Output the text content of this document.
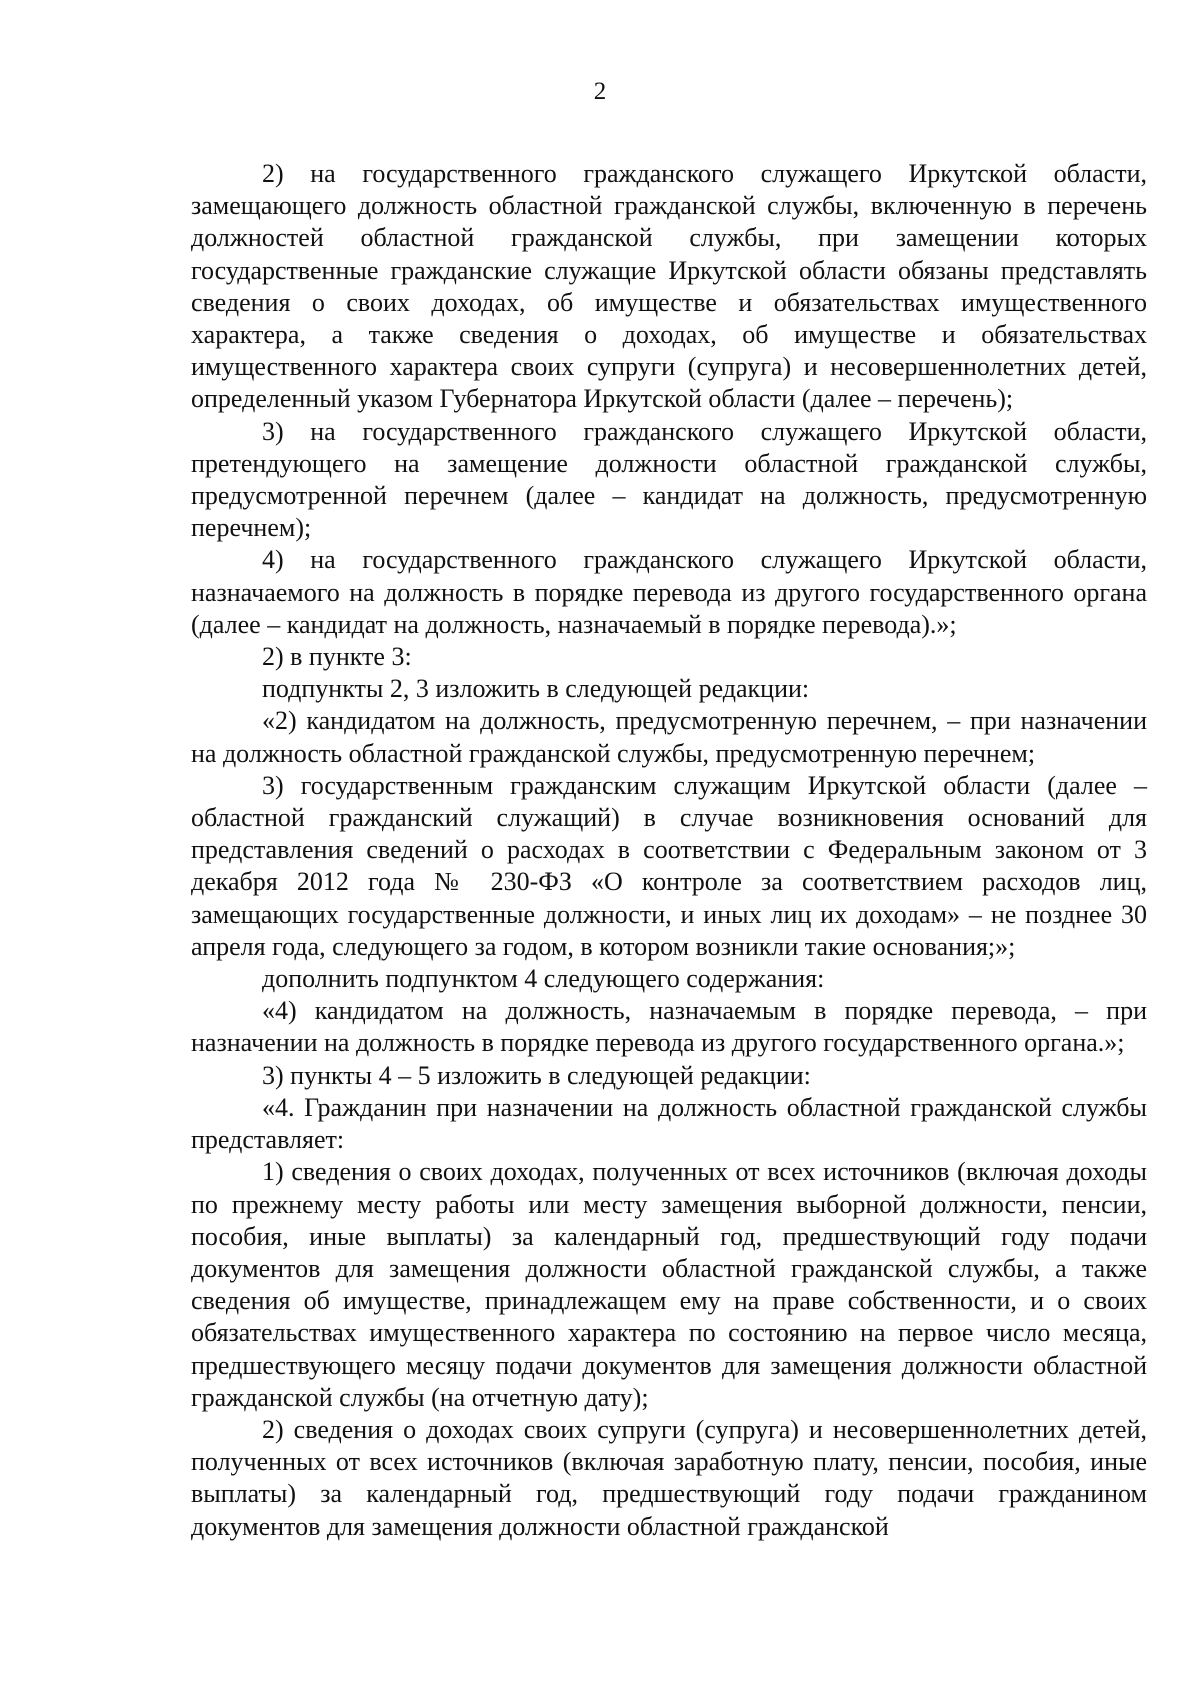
2

2) на государственного гражданского служащего Иркутской области, замещающего должность областной гражданской службы, включенную в перечень должностей областной гражданской службы, при замещении которых государственные гражданские служащие Иркутской области обязаны представлять сведения о своих доходах, об имуществе и обязательствах имущественного характера, а также сведения о доходах, об имуществе и обязательствах имущественного характера своих супруги (супруга) и несовершеннолетних детей, определенный указом Губернатора Иркутской области (далее – перечень);

3) на государственного гражданского служащего Иркутской области, претендующего на замещение должности областной гражданской службы, предусмотренной перечнем (далее – кандидат на должность, предусмотренную перечнем);

4) на государственного гражданского служащего Иркутской области, назначаемого на должность в порядке перевода из другого государственного органа (далее – кандидат на должность, назначаемый в порядке перевода).»;

2) в пункте 3:

подпункты 2, 3 изложить в следующей редакции:

«2) кандидатом на должность, предусмотренную перечнем, – при назначении на должность областной гражданской службы, предусмотренную перечнем;

3) государственным гражданским служащим Иркутской области (далее – областной гражданский служащий) в случае возникновения оснований для представления сведений о расходах в соответствии с Федеральным законом от 3 декабря 2012 года № 230-ФЗ «О контроле за соответствием расходов лиц, замещающих государственные должности, и иных лиц их доходам» – не позднее 30 апреля года, следующего за годом, в котором возникли такие основания;»;

дополнить подпунктом 4 следующего содержания:

«4) кандидатом на должность, назначаемым в порядке перевода, – при назначении на должность в порядке перевода из другого государственного органа.»;

3) пункты 4 – 5 изложить в следующей редакции:

«4. Гражданин при назначении на должность областной гражданской службы представляет:

1) сведения о своих доходах, полученных от всех источников (включая доходы по прежнему месту работы или месту замещения выборной должности, пенсии, пособия, иные выплаты) за календарный год, предшествующий году подачи документов для замещения должности областной гражданской службы, а также сведения об имуществе, принадлежащем ему на праве собственности, и о своих обязательствах имущественного характера по состоянию на первое число месяца, предшествующего месяцу подачи документов для замещения должности областной гражданской службы (на отчетную дату);

2) сведения о доходах своих супруги (супруга) и несовершеннолетних детей, полученных от всех источников (включая заработную плату, пенсии, пособия, иные выплаты) за календарный год, предшествующий году подачи гражданином документов для замещения должности областной гражданской
